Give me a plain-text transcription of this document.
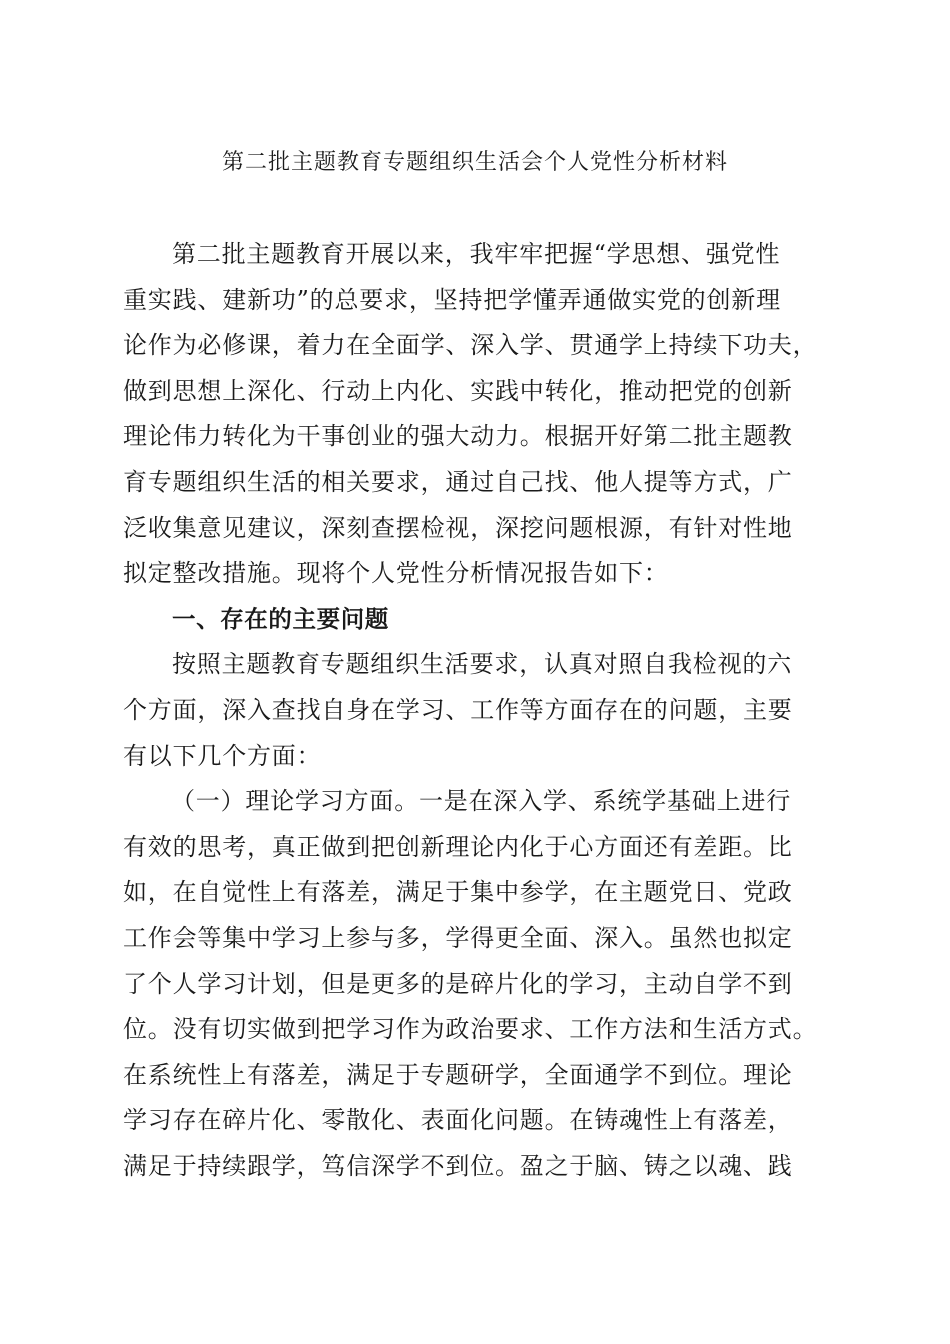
第二批主题教育专题组织生活会个人党性分析材料
第二批主题教育开展以来，我牢牢把握“学思想、强党性
重实践、建新功”的总要求，坚持把学懂弄通做实党的创新理
论作为必修课，着力在全面学、深入学、贯通学上持续下功夫，
做到思想上深化、行动上内化、实践中转化，推动把党的创新
理论伟力转化为干事创业的强大动力。根据开好第二批主题教
育专题组织生活的相关要求，通过自己找、他人提等方式，广
泛收集意见建议，深刻查摆检视，深挖问题根源，有针对性地
拟定整改措施。现将个人党性分析情况报告如下：
一、存在的主要问题
按照主题教育专题组织生活要求，认真对照自我检视的六
个方面，深入查找自身在学习、工作等方面存在的问题，主要
有以下几个方面：
（一）理论学习方面。一是在深入学、系统学基础上进行
有效的思考，真正做到把创新理论内化于心方面还有差距。比
如，在自觉性上有落差，满足于集中参学，在主题党日、党政
工作会等集中学习上参与多，学得更全面、深入。虽然也拟定
了个人学习计划，但是更多的是碎片化的学习，主动自学不到
位。没有切实做到把学习作为政治要求、工作方法和生活方式。
在系统性上有落差，满足于专题研学，全面通学不到位。理论
学习存在碎片化、零散化、表面化问题。在铸魂性上有落差，
满足于持续跟学，笃信深学不到位。盈之于脑、铸之以魂、践
